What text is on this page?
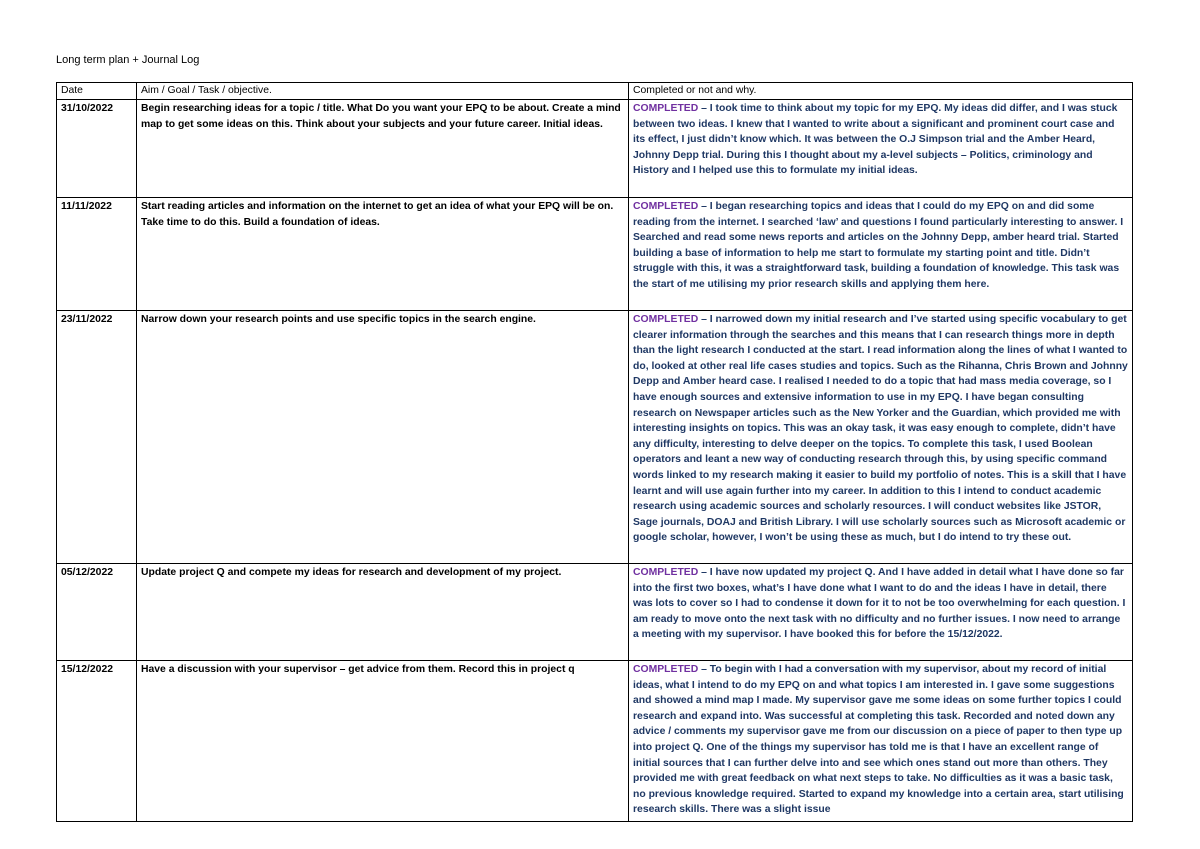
Long term plan + Journal Log
Date	Aim / Goal / Task / objective.	Completed or not and why.
31/10/2022	Begin researching ideas for a topic / title. What Do you want your EPQ to be about. Create a mind map to get some ideas on this. Think about your subjects and your future career. Initial ideas.	COMPLETED – I took time to think about my topic for my EPQ. My ideas did differ, and I was stuck between two ideas. I knew that I wanted to write about a significant and prominent court case and its effect, I just didn’t know which. It was between the O.J Simpson trial and the Amber Heard, Johnny Depp trial. During this I thought about my a-level subjects – Politics, criminology and History and I helped use this to formulate my initial ideas.
11/11/2022	Start reading articles and information on the internet to get an idea of what your EPQ will be on. Take time to do this. Build a foundation of ideas.	COMPLETED – I began researching topics and ideas that I could do my EPQ on and did some reading from the internet. I searched ‘law’ and questions I found particularly interesting to answer. I Searched and read some news reports and articles on the Johnny Depp, amber heard trial. Started building a base of information to help me start to formulate my starting point and title. Didn’t struggle with this, it was a straightforward task, building a foundation of knowledge. This task was the start of me utilising my prior research skills and applying them here.
23/11/2022	Narrow down your research points and use specific topics in the search engine.	COMPLETED – I narrowed down my initial research and I’ve started using specific vocabulary to get clearer information through the searches and this means that I can research things more in depth than the light research I conducted at the start. I read information along the lines of what I wanted to do, looked at other real life cases studies and topics. Such as the Rihanna, Chris Brown and Johnny Depp and Amber heard case. I realised I needed to do a topic that had mass media coverage, so I have enough sources and extensive information to use in my EPQ. I have began consulting research on Newspaper articles such as the New Yorker and the Guardian, which provided me with interesting insights on topics. This was an okay task, it was easy enough to complete, didn’t have any difficulty, interesting to delve deeper on the topics. To complete this task, I used Boolean operators and leant a new way of conducting research through this, by using specific command words linked to my research making it easier to build my portfolio of notes. This is a skill that I have learnt and will use again further into my career. In addition to this I intend to conduct academic research using academic sources and scholarly resources. I will conduct websites like JSTOR, Sage journals, DOAJ and British Library. I will use scholarly sources such as Microsoft academic or google scholar, however, I won’t be using these as much, but I do intend to try these out.
05/12/2022	Update project Q and compete my ideas for research and development of my project.	COMPLETED – I have now updated my project Q. And I have added in detail what I have done so far into the first two boxes, what’s I have done what I want to do and the ideas I have in detail, there was lots to cover so I had to condense it down for it to not be too overwhelming for each question. I am ready to move onto the next task with no difficulty and no further issues. I now need to arrange a meeting with my supervisor. I have booked this for before the 15/12/2022.
15/12/2022	Have a discussion with your supervisor – get advice from them. Record this in project q	COMPLETED – To begin with I had a conversation with my supervisor, about my record of initial ideas, what I intend to do my EPQ on and what topics I am interested in. I gave some suggestions and showed a mind map I made. My supervisor gave me some ideas on some further topics I could research and expand into. Was successful at completing this task. Recorded and noted down any advice / comments my supervisor gave me from our discussion on a piece of paper to then type up into project Q. One of the things my supervisor has told me is that I have an excellent range of initial sources that I can further delve into and see which ones stand out more than others. They provided me with great feedback on what next steps to take. No difficulties as it was a basic task, no previous knowledge required. Started to expand my knowledge into a certain area, start utilising research skills. There was a slight issue
